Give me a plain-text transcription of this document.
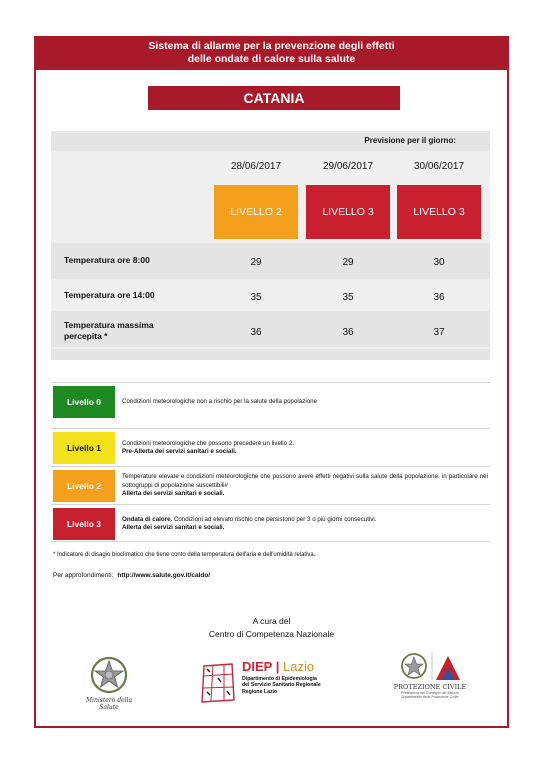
Sistema di allarme per la prevenzione degli effetti
delle ondate di calore sulla salute
CATANIA
Previsione per il giorno:
28/06/2017	29/06/2017	30/06/2017
LIVELLO 2	LIVELLO 3	LIVELLO 3
Temperatura ore 8:00	29	29	30
Temperatura ore 14:00	35	35	36
Temperatura massima
percepita *	36	36	37
Livello 0	Condizioni meteorologiche non a rischio per la salute della popolazione
Livello 1	Condizioni meteorologiche che possono precedere un livello 2.
Pre-Allerta dei servizi sanitari e sociali.
Livello 2
Temperature elevate e condizioni meteorologiche che possono avere effetti negativi sulla salute della popolazione, in particolare nei sottogruppi di popolazione suscettibili#
Allerta dei servizi sanitari e sociali.
Livello 3	Ondata di calore. Condizioni ad elevato rischio che persistono per 3 o più giorni consecutivi.
Allerta dei servizi sanitari e sociali.
* Indicatore di disagio bioclimatico che tiene conto della temperatura dell'aria e dell'umidità relativa.
Per approfondimenti: http://www.salute.gov.it/caldo/
A cura del
Centro di Competenza Nazionale
Ministero della Salute
DIEP | Lazio
Dipartimento di Epidemiologia
del Servizio Sanitario Regionale
Regione Lazio
PROTEZIONE CIVILE
Presidenza del Consiglio dei Ministri
Dipartimento della Protezione Civile
